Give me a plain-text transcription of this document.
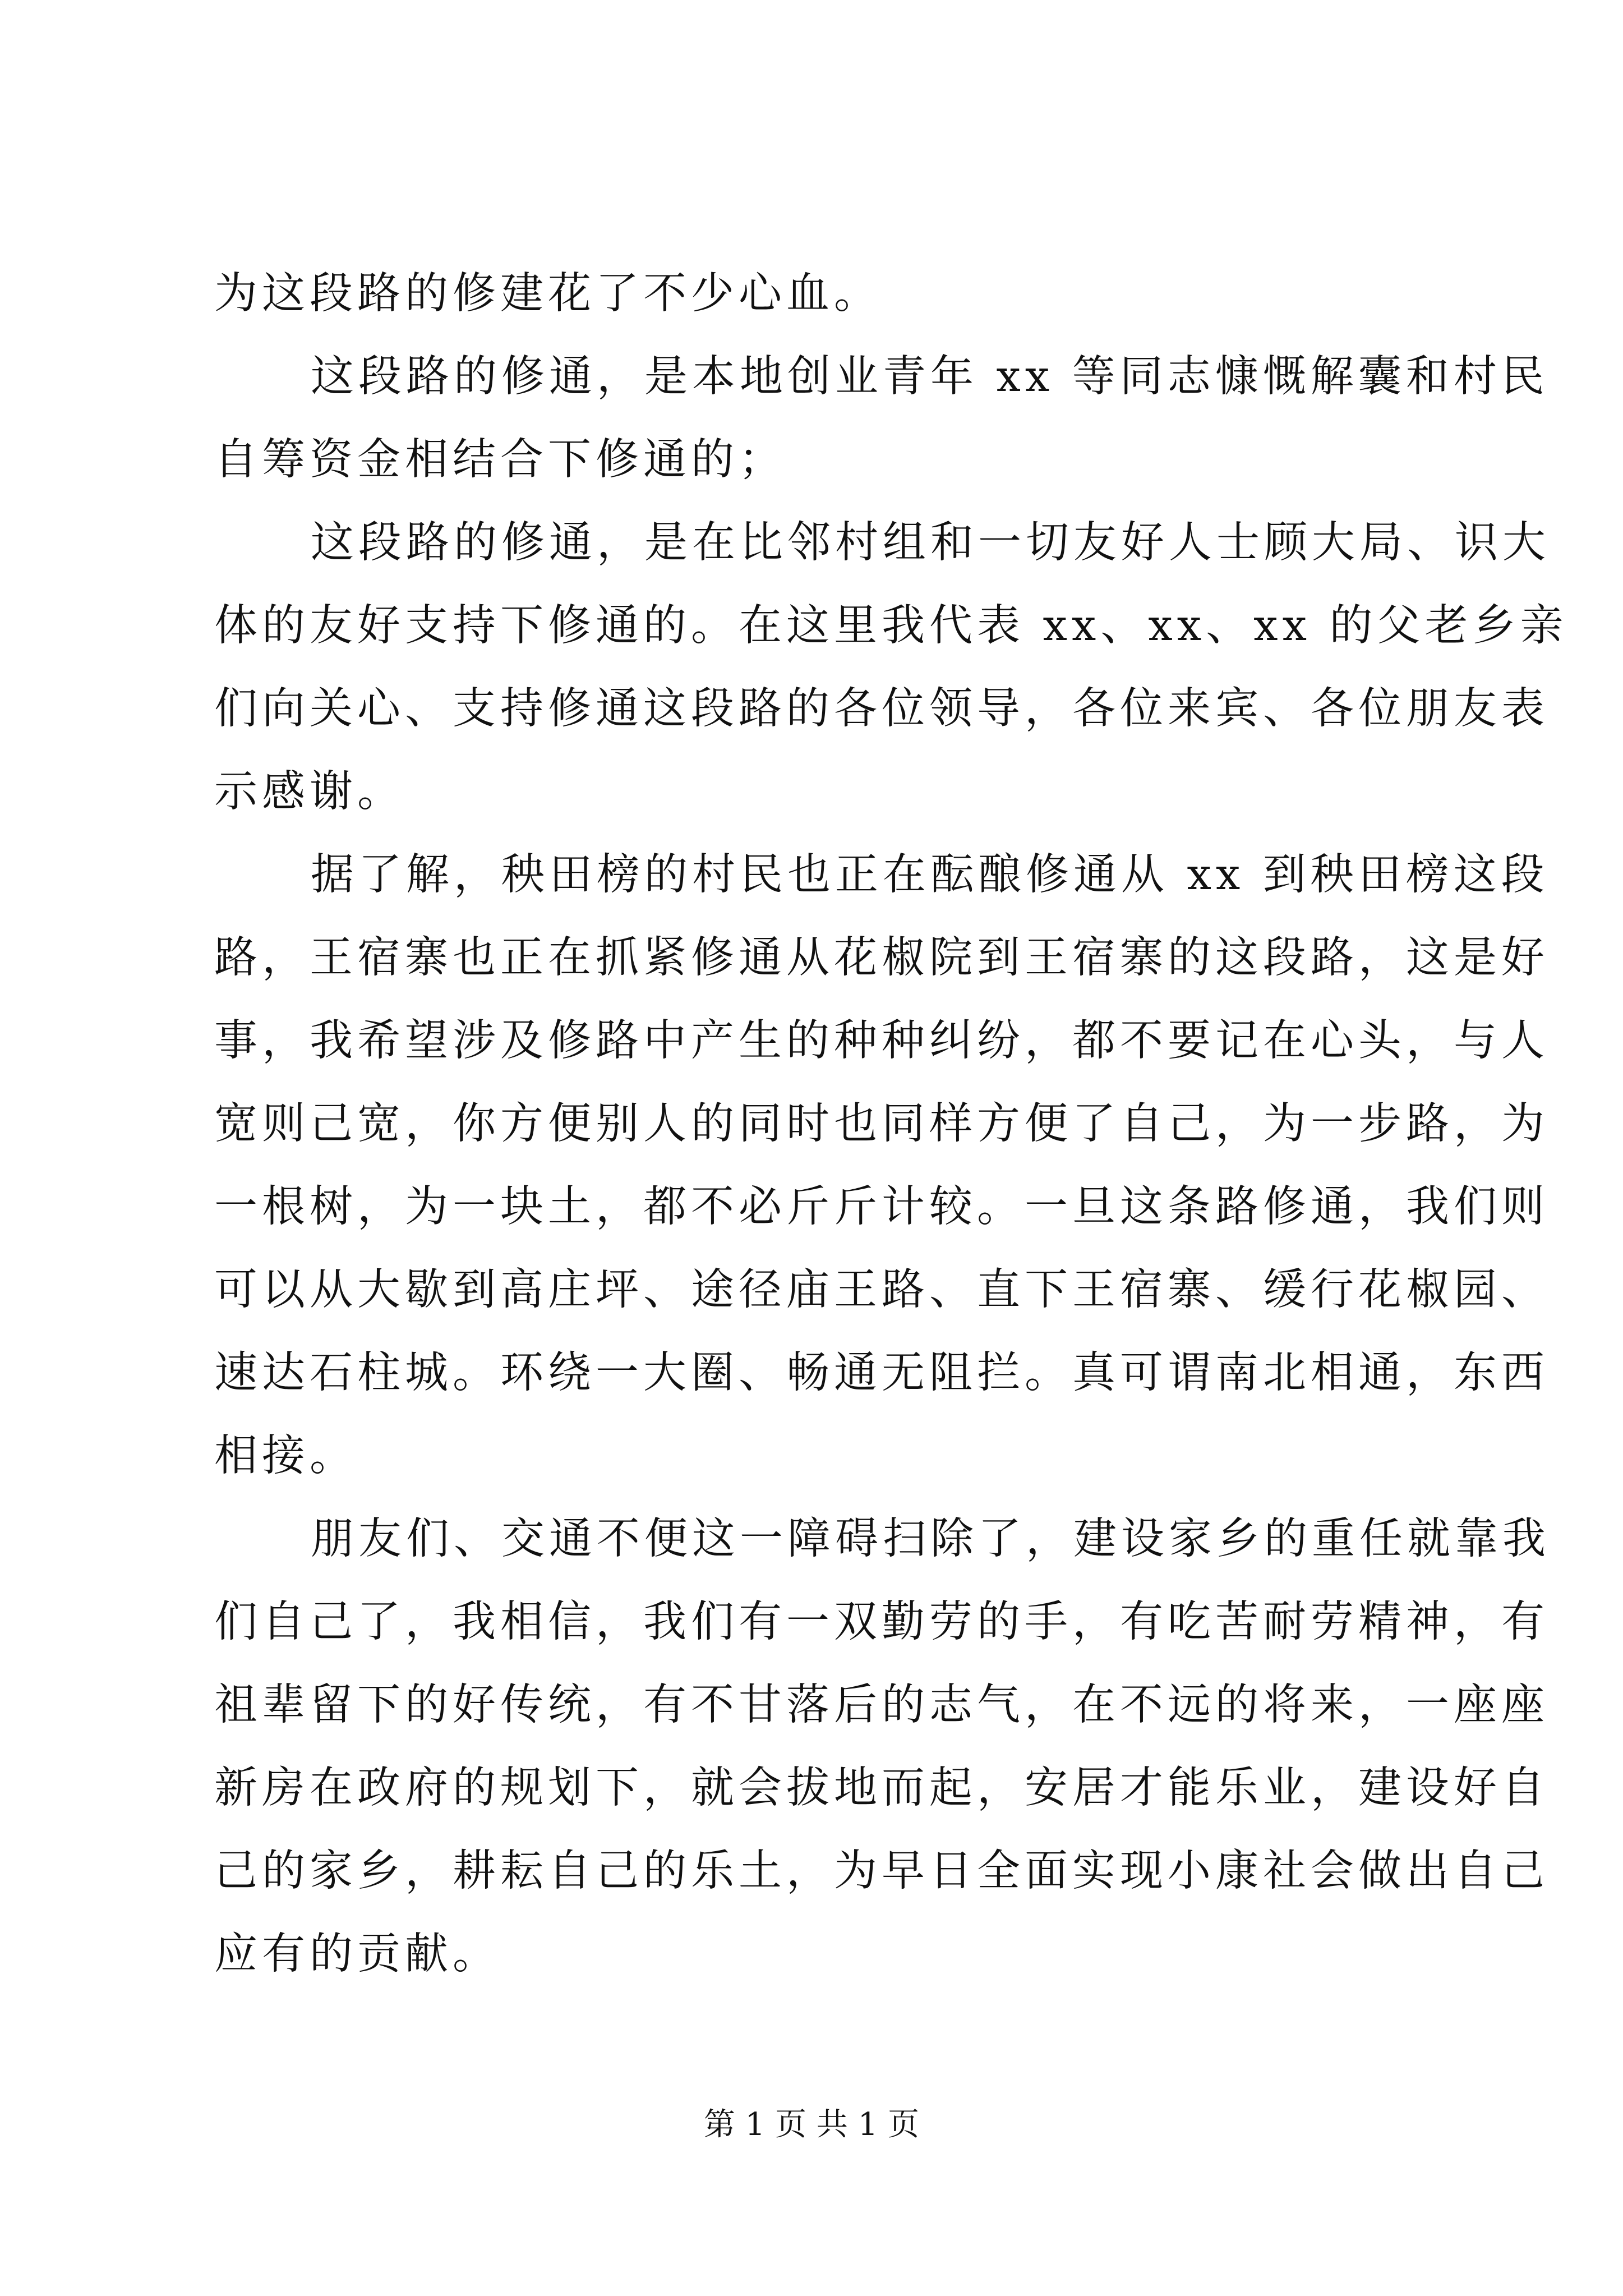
为这段路的修建花了不少心血。
这段路的修通，是本地创业青年 xx 等同志慷慨解囊和村民
自筹资金相结合下修通的；
这段路的修通，是在比邻村组和一切友好人士顾大局、识大
体的友好支持下修通的。在这里我代表 xx、xx、xx 的父老乡亲
们向关心、支持修通这段路的各位领导，各位来宾、各位朋友表
示感谢。
据了解，秧田榜的村民也正在酝酿修通从 xx 到秧田榜这段
路，王宿寨也正在抓紧修通从花椒院到王宿寨的这段路，这是好
事，我希望涉及修路中产生的种种纠纷，都不要记在心头，与人
宽则己宽，你方便别人的同时也同样方便了自己，为一步路，为
一根树，为一块土，都不必斤斤计较。一旦这条路修通，我们则
可以从大歇到高庄坪、途径庙王路、直下王宿寨、缓行花椒园、
速达石柱城。环绕一大圈、畅通无阻拦。真可谓南北相通，东西
相接。
朋友们、交通不便这一障碍扫除了，建设家乡的重任就靠我
们自己了，我相信，我们有一双勤劳的手，有吃苦耐劳精神，有
祖辈留下的好传统，有不甘落后的志气，在不远的将来，一座座
新房在政府的规划下，就会拔地而起，安居才能乐业，建设好自
己的家乡，耕耘自己的乐土，为早日全面实现小康社会做出自己
应有的贡献。
第 1 页 共 1 页
